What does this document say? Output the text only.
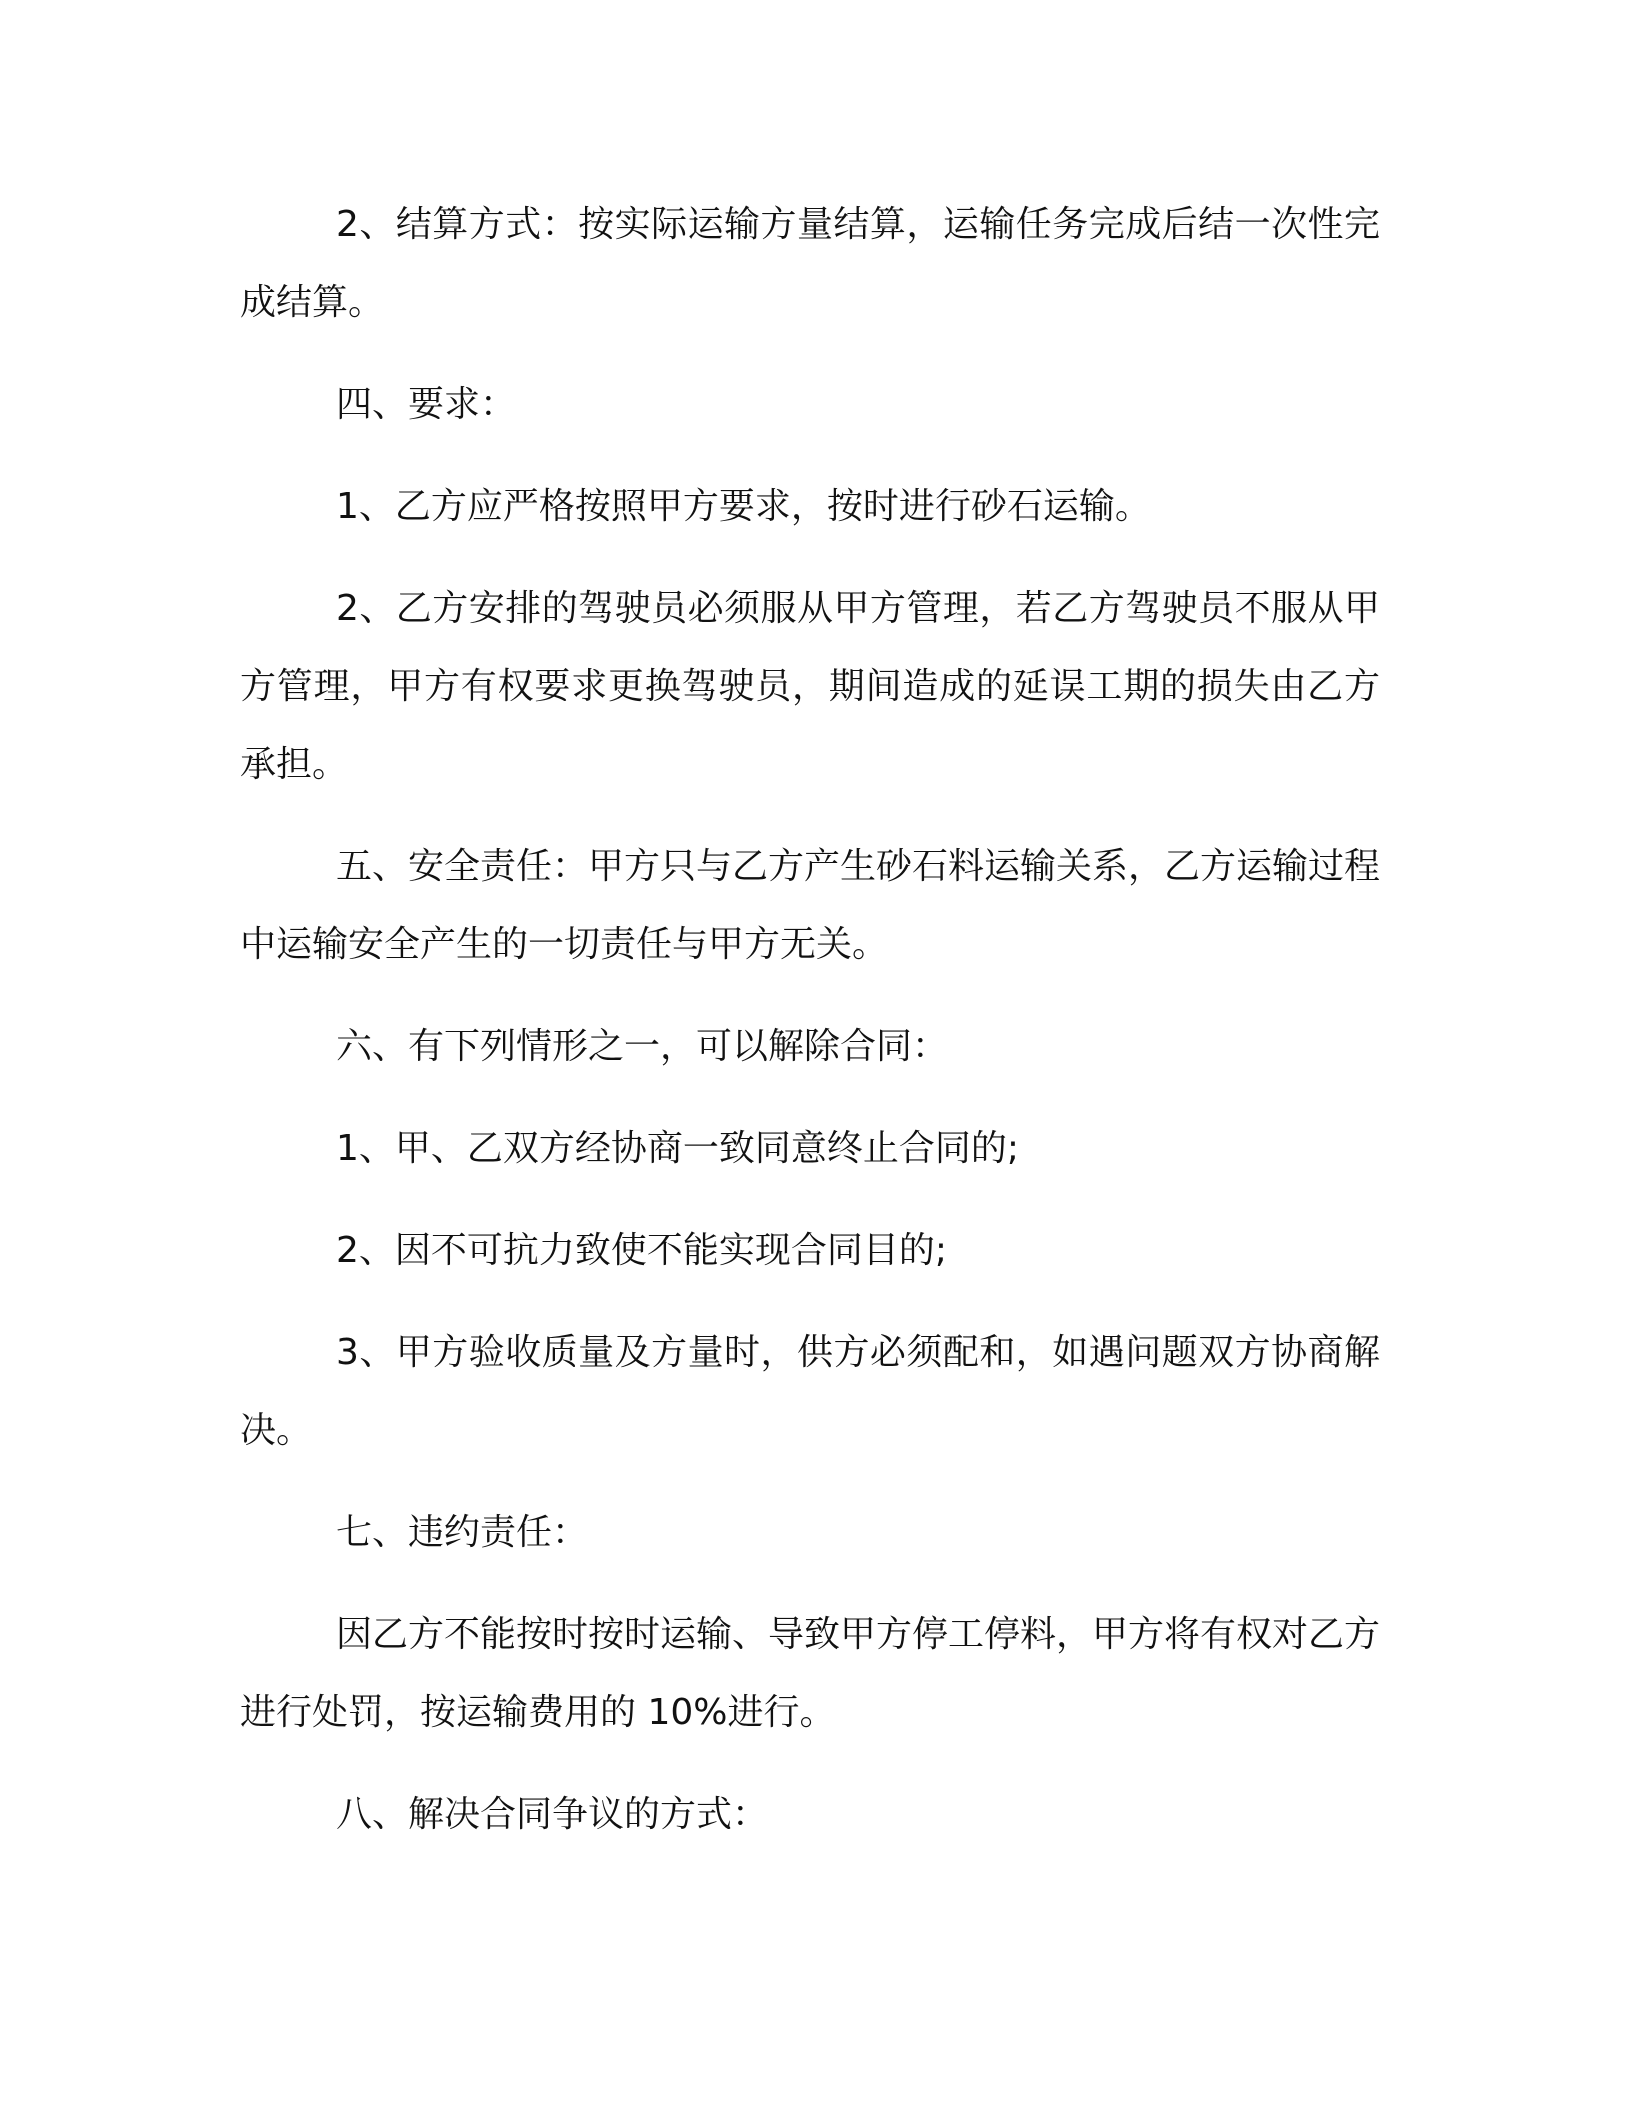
2、结算方式：按实际运输方量结算，运输任务完成后结一次性完成结算。

四、要求：

1、乙方应严格按照甲方要求，按时进行砂石运输。

2、乙方安排的驾驶员必须服从甲方管理，若乙方驾驶员不服从甲方管理，甲方有权要求更换驾驶员，期间造成的延误工期的损失由乙方承担。

五、安全责任：甲方只与乙方产生砂石料运输关系，乙方运输过程中运输安全产生的一切责任与甲方无关。

六、有下列情形之一，可以解除合同：

1、甲、乙双方经协商一致同意终止合同的;

2、因不可抗力致使不能实现合同目的;

3、甲方验收质量及方量时，供方必须配和，如遇问题双方协商解决。

七、违约责任：

因乙方不能按时按时运输、导致甲方停工停料，甲方将有权对乙方进行处罚，按运输费用的 10%进行。

八、解决合同争议的方式：
